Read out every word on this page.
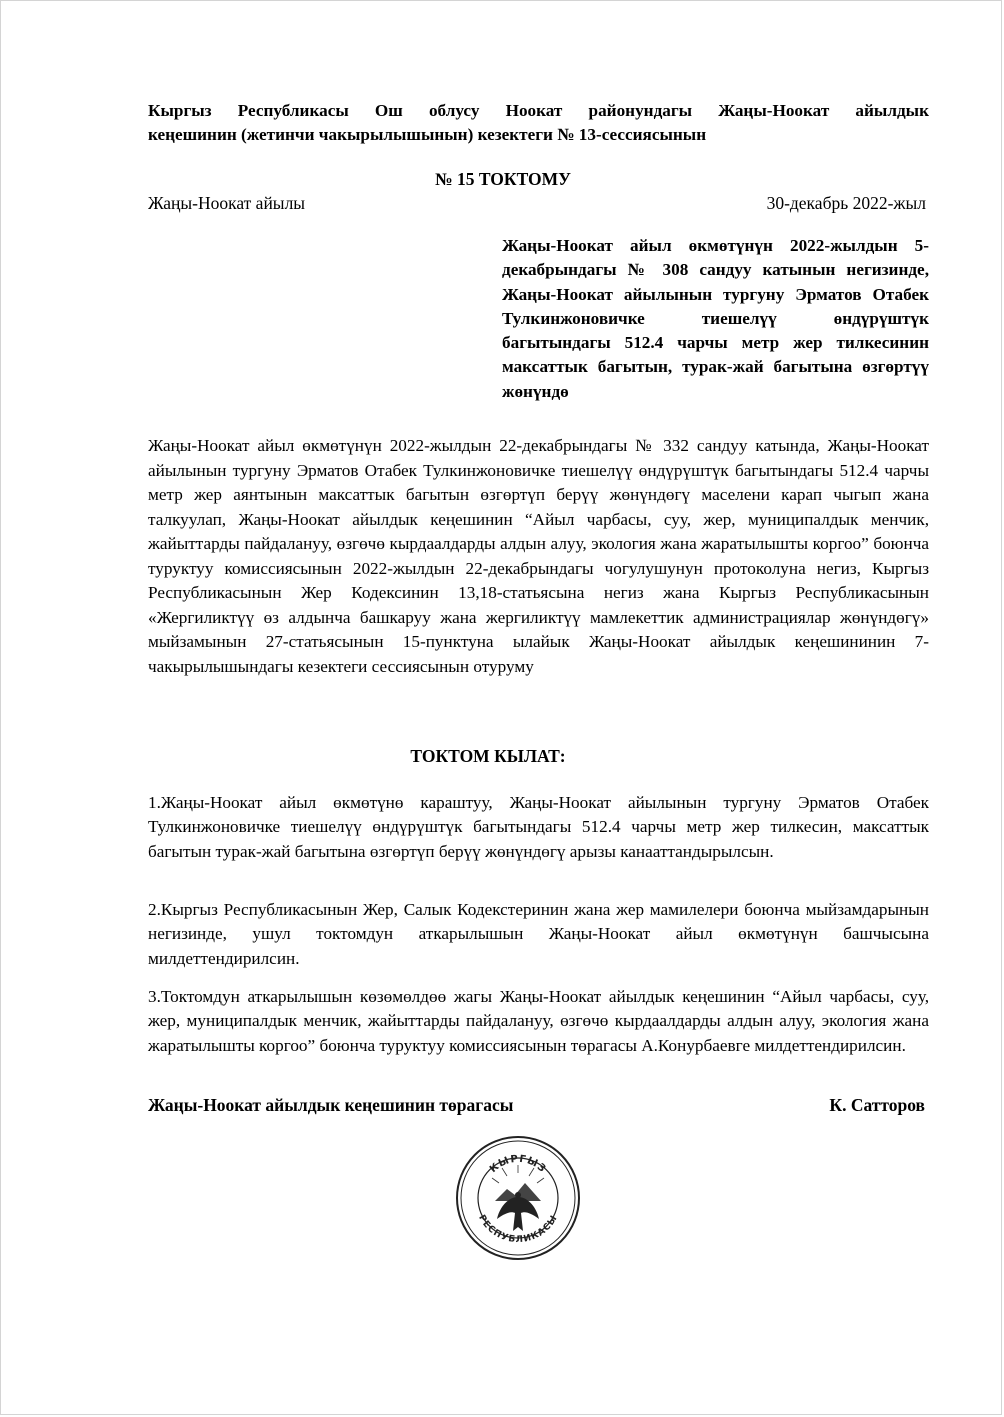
Кыргыз Республикасы Ош облусу Ноокат районундагы Жаңы-Ноокат айылдык
кеңешинин (жетинчи чакырылышынын) кезектеги № 13-сессиясынын
№ 15 ТОКТОМУ
Жаңы-Ноокат айылы	30-декабрь 2022-жыл
Жаңы-Ноокат айыл өкмөтүнүн 2022-жылдын 5-декабрындагы № 308 сандуу катынын негизинде, Жаңы-Ноокат айылынын тургуну Эрматов Отабек Тулкинжоновичке тиешелүү өндүрүштүк багытындагы 512.4 чарчы метр жер тилкесинин максаттык багытын, турак-жай багытына өзгөртүү жөнүндө
Жаңы-Ноокат айыл өкмөтүнүн 2022-жылдын 22-декабрындагы № 332 сандуу катында, Жаңы-Ноокат айылынын тургуну Эрматов Отабек Тулкинжоновичке тиешелүү өндүрүштүк багытындагы 512.4 чарчы метр жер аянтынын максаттык багытын өзгөртүп берүү жөнүндөгү маселени карап чыгып жана талкуулап, Жаңы-Ноокат айылдык кеңешинин “Айыл чарбасы, суу, жер, муниципалдык менчик, жайыттарды пайдалануу, өзгөчө кырдаалдарды алдын алуу, экология жана жаратылышты коргоо” боюнча туруктуу комиссиясынын 2022-жылдын 22-декабрындагы чогулушунун протоколуна негиз, Кыргыз Республикасынын Жер Кодексинин 13,18-статьясына негиз жана Кыргыз Республикасынын «Жергиликтүү өз алдынча башкаруу жана жергиликтүү мамлекеттик администрациялар жөнүндөгү» мыйзамынын 27-статьясынын 15-пунктуна ылайык Жаңы-Ноокат айылдык кеңешининин 7-чакырылышындагы кезектеги сессиясынын отуруму
ТОКТОМ КЫЛАТ:
1.Жаңы-Ноокат айыл өкмөтүнө караштуу, Жаңы-Ноокат айылынын тургуну Эрматов Отабек Тулкинжоновичке тиешелүү өндүрүштүк багытындагы 512.4 чарчы метр жер тилкесин, максаттык багытын турак-жай багытына өзгөртүп берүү жөнүндөгү арызы канааттандырылсын.
2.Кыргыз Республикасынын Жер, Салык Кодекстеринин жана жер мамилелери боюнча мыйзамдарынын негизинде, ушул токтомдун аткарылышын Жаңы-Ноокат айыл өкмөтүнүн башчысына милдеттендирилсин.
3.Токтомдун аткарылышын көзөмөлдөө жагы Жаңы-Ноокат айылдык кеңешинин “Айыл чарбасы, суу, жер, муниципалдык менчик, жайыттарды пайдалануу, өзгөчө кырдаалдарды алдын алуу, экология жана жаратылышты коргоо” боюнча туруктуу комиссиясынын төрагасы А.Конурбаевге милдеттендирилсин.
Жаңы-Ноокат айылдык кеңешинин төрагасы	К. Сатторов
КЫРГЫЗ
РЕСПУБЛИКАСЫ
